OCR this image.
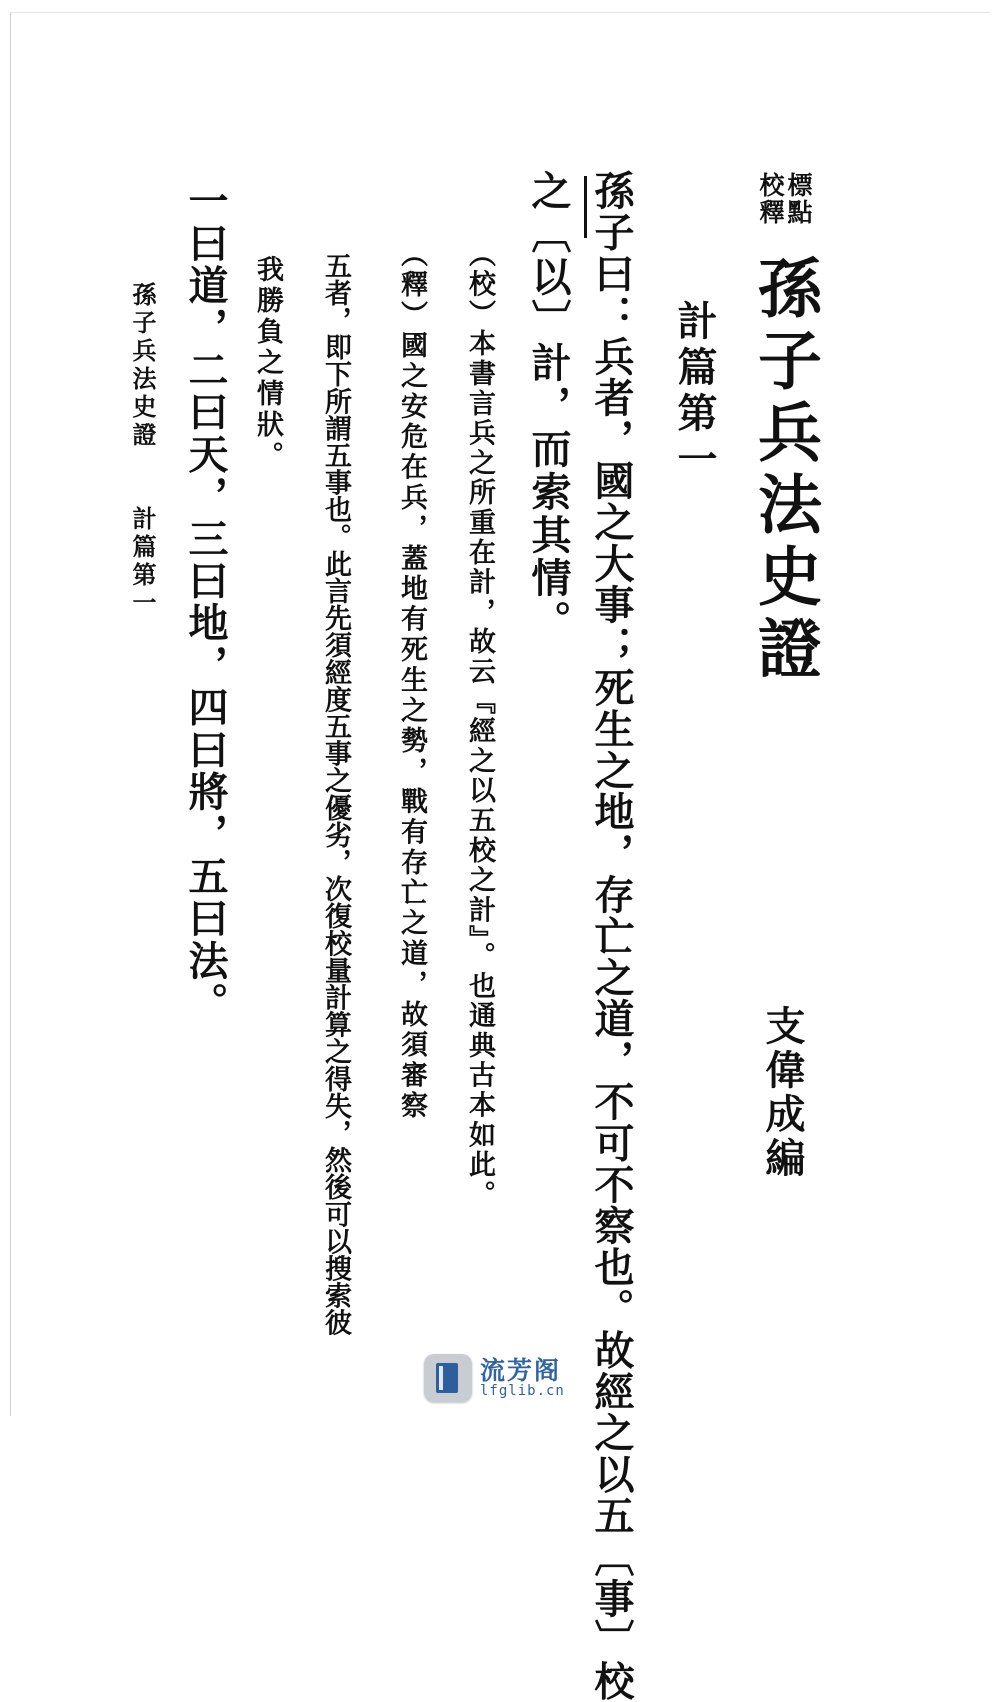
標點
校釋
孫子兵法史證
計篇第一
支偉成編
孫子曰：兵者，國之大事；死生之地，存亡之道，不可不察也。故經之以五〔事〕校
之〔以〕計，而索其情。
（校）本書言兵之所重在計，故云『經之以五校之計』。也通典古本如此。
（釋）國之安危在兵，蓋地有死生之勢，戰有存亡之道，故須審察
五者，即下所謂五事也。此言先須經度五事之優劣，次復校量計算之得失，然後可以搜索彼
我勝負之情狀。
一曰道，二曰天，三曰地，四曰將，五曰法。
孫子兵法史證　　計篇第一
流芳阁
lfglib.cn
